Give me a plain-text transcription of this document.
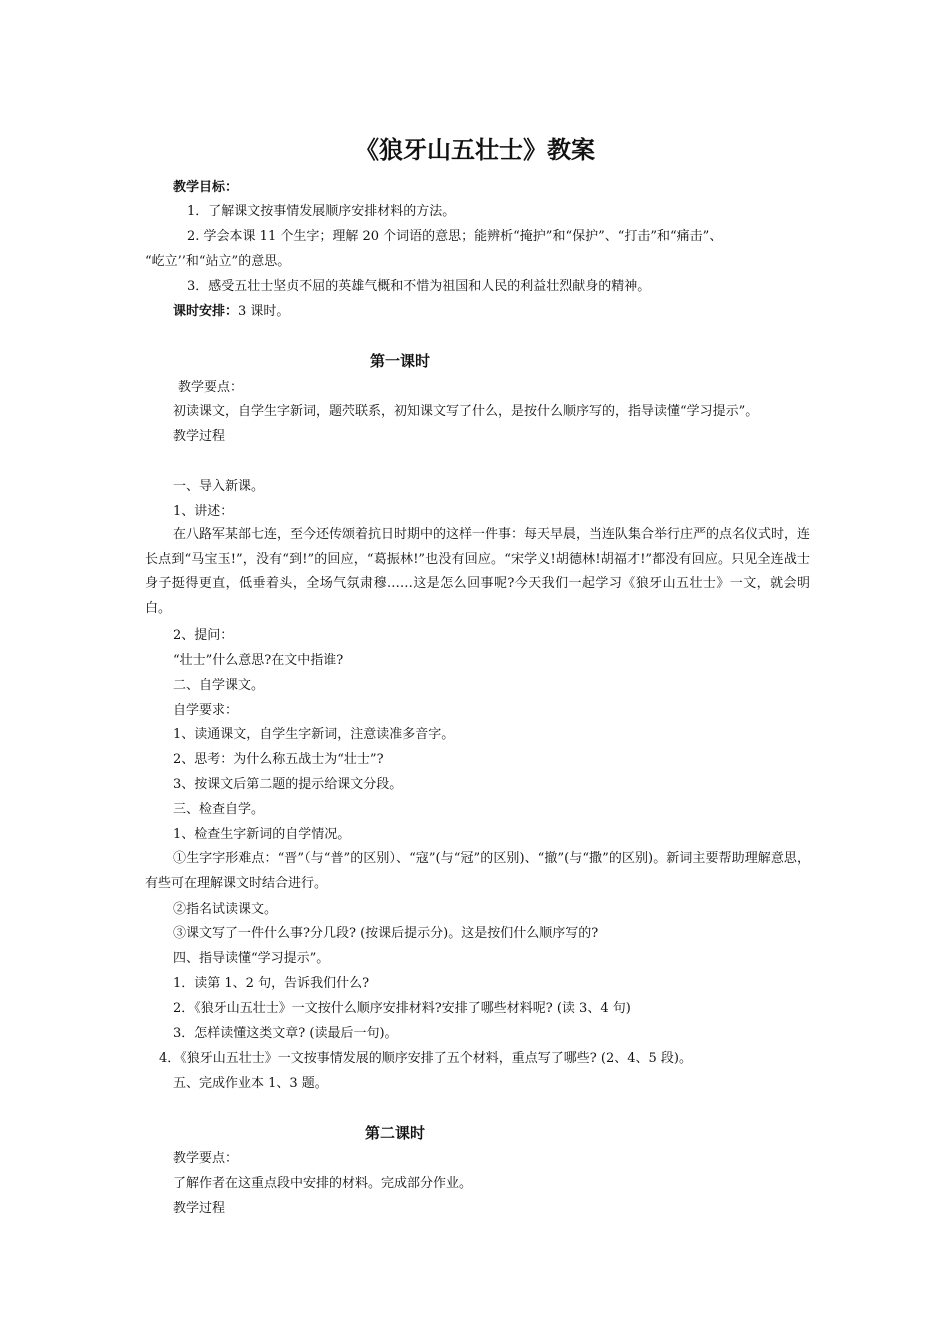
《狼牙山五壮士》教案
教学目标：
1．了解课文按事情发展顺序安排材料的方法。
2. 学会本课 11 个生字；理解 20 个词语的意思；能辨析“掩护”和“保护”、“打击”和“痛击”、
“屹立’’和“站立”的意思。
3．感受五壮士坚贞不屈的英雄气概和不惜为祖国和人民的利益壮烈献身的精神。
课时安排：3 课时。
第一课时
教学要点：
初读课文，自学生字新词，题茓联系，初知课文写了什么，是按什么顺序写的，指导读懂“学习提示”。
教学过程
一、导入新课。
1、讲述：
在八路军某部七连，至今还传颂着抗日时期中的这样一件事：每天早晨，当连队集合举行庄严的点名仪式时，连长点到“马宝玉!”，没有“到!”的回应，“葛振林!”也没有回应。“宋学义!胡德林!胡福才!”都没有回应。只见全连战士身子挺得更直，低垂着头，全场气氛肃穆……这是怎么回事呢?今天我们一起学习《狼牙山五壮士》一文，就会明白。
2、提问：
“壮士”什么意思?在文中指谁?
二、自学课文。
自学要求：
1、读通课文，自学生字新词，注意读准多音字。
2、思考：为什么称五战士为“壮士”?
3、按课文后第二题的提示给课文分段。
三、检查自学。
1、检查生字新词的自学情况。
①生字字形难点：“晋”（与“普”的区别）、“寇”(与“冠”的区别)、“撤”(与“撒”的区别)。新词主要帮助理解意思，有些可在理解课文时结合进行。
②指名试读课文。
③课文写了一件什么事?分几段? (按课后提示分)。这是按们什么顺序写的?
四、指导读懂“学习提示”。
1．读第 1、2 句，告诉我们什么?
2．《狼牙山五壮士》一文按什么顺序安排材料?安排了哪些材料呢? (读 3、4 句)
3．怎样读懂这类文章? (读最后一句)。
4．《狼牙山五壮士》一文按事情发展的顺序安排了五个材料，重点写了哪些? (2、4、5 段)。
五、完成作业本 1、3 题。
第二课时
教学要点：
了解作者在这重点段中安排的材料。完成部分作业。
教学过程
